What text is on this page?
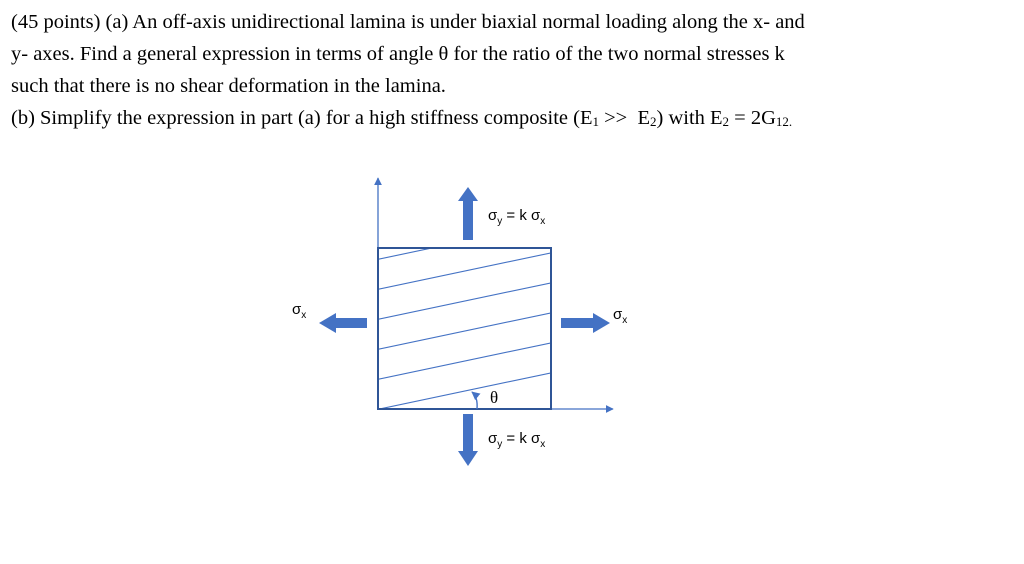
(45 points) (a) An off-axis unidirectional lamina is under biaxial normal loading along the x- and

y- axes. Find a general expression in terms of angle θ for the ratio of the two normal stresses k

such that there is no shear deformation in the lamina.

(b) Simplify the expression in part (a) for a high stiffness composite (E1 >>  E2) with E2 = 2G12.

θ
$\sigma_y = k$ $\sigma_x$
$\sigma_y = k$ $\sigma_x$
$\sigma_x$	$\sigma_x$
